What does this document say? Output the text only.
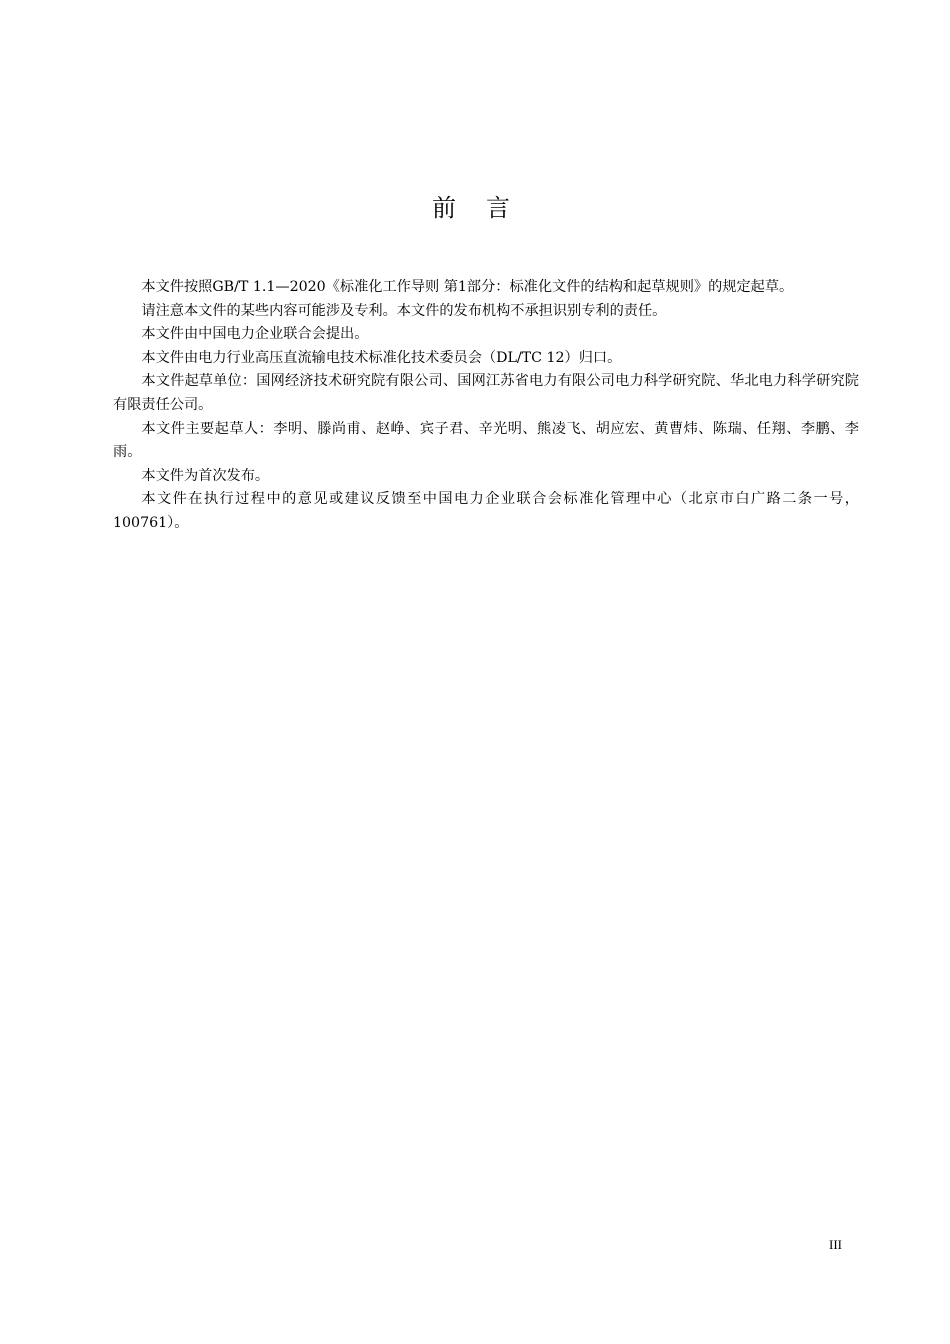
前言

本文件按照GB/T 1.1—2020《标准化工作导则 第1部分：标准化文件的结构和起草规则》的规定起草。

请注意本文件的某些内容可能涉及专利。本文件的发布机构不承担识别专利的责任。

本文件由中国电力企业联合会提出。

本文件由电力行业高压直流输电技术标准化技术委员会（DL/TC 12）归口。

本文件起草单位：国网经济技术研究院有限公司、国网江苏省电力有限公司电力科学研究院、华北电力科学研究院有限责任公司。

本文件主要起草人：李明、滕尚甫、赵峥、宾子君、辛光明、熊凌飞、胡应宏、黄曹炜、陈瑞、任翔、李鹏、李雨。

本文件为首次发布。

本文件在执行过程中的意见或建议反馈至中国电力企业联合会标准化管理中心（北京市白广路二条一号，100761）。

III
